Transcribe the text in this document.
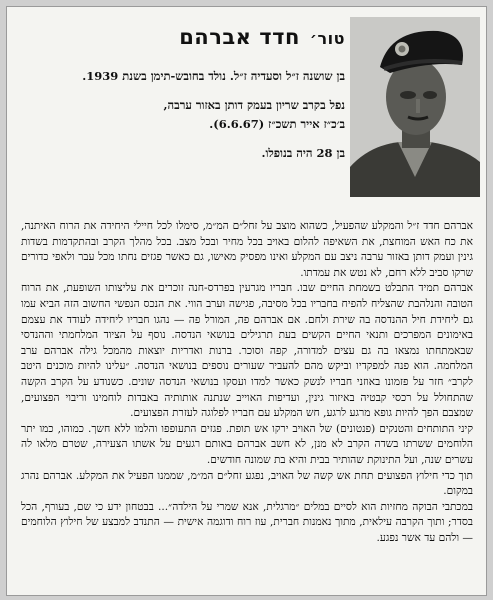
טור׳חדד אברהם

בן שושנה ז״ל וסעדיה ז״ל. נולד בחובש-תימן בשנת 1939.

נפל בקרב שריון בעמק דותן באזור ערבה,

ב׳כ״ז אייר תשכ״ז (6.6.67).

בן 28 היה בנופלו.

אברהם חדד ז״ל והמקלע שהפעיל, כשהוא מוצב על זחל״ם המ״מ, סימלו לכל חיילי היחידה את הרוח האיתנה, את כח האש המוחצת, את השאיפה להלום באויב בכל מחיר ובכל מצב. בכל מהלך הקרב ובהתקדמות בשדות גינין ועמק דותן באזור ערבה ניצב עם המקלע ואינו מפסיק מאישו, גם כאשר פגזים נחתו מכל עבר ולאפי כדורים שרקו סביב ללא רחם, לא נטש את עמדתו.

אברהם תמיד התבלט בשמחת החיים שבו. חבריו מגרעין בפרדס-חנה זוכרים את עליצותו השופעת, את הרוח הטובה והנלהבת שהצליח להפיח בחבריו בכל מסיבה, פגישה וערב הווי. את הנכס הנפשי החשוב הזה הביא עמו גם ליחידת חיל ההנדסה בה שירת ולחם. אם אברהם פה, המורל פה — נהגו חבריו ליחידה לעודד את עצמם באימונים המפרכים ותנאי החיים הקשים בעת תרגילים בנושאי הנדסה. נוסף על הציוד המלחמתי וההנדסי שבאמתחתו נמצאו בה גם עצים למדורה, קפה וסוכר. ברנות ואדריות יוצאות מהמכל גילה אברהם ערב המלחמה. הוא פנה למפקדיו וביקש מהם להעביר שעורים נוספים בנושאי הנדסה. ״עלינו להיות מוכנים היטב לקרב״ חזר על פזמונו באוזני חבריו לנשק כאשר למדו ועסקו בנושאי הנדסה שונים. כשנודע על הקרב הקשה שהתחולל על רכסי קבטיה באיזור גינין, ועדיפות האוייב שנתנה אותותיה באבדות לוחמינו וריבוי הפצועים, שמצבם הפך להיות גופא מרגע לרגע, חש המקלע עם חבריו לפלוגה לעזרת הפצועים.

קיני התותחים והטנקים (פנטונים) של האויב ירקו אש תופת. פגזים התעופפו והלמו ללא חשך. כמוהו, כמו יתר הלוחמים ששרתו בשדה הקרב לא מנן, לא חשב אברהם באותם רגעים על אשתו הצעירה, שטרם מלאו לה עשרים שנה, ועל התינוקת שהותיר בבית והיא בת שמונה חודשים.

תוך כדי חילוץ הפצועים תחת אש קשה של האויב, נפגע זחל״ם המ״מ, שממנו הפעיל את המקלע. אברהם נהרג במקום.

במכתבי הבוקה מחזיות הוא לסיים במלים ״מרגלית, אנא שמרי על הילדה״... בבטחון ידע כי שם, בעורף, הכל בסדר; ותוך הקרבה עילאית, מתוך נאמנות חברית, עוז רוח ודוגמה אישית — התנדב למבצע של חילוץ הלוחמים — ולהם עד אשר נפגע.
